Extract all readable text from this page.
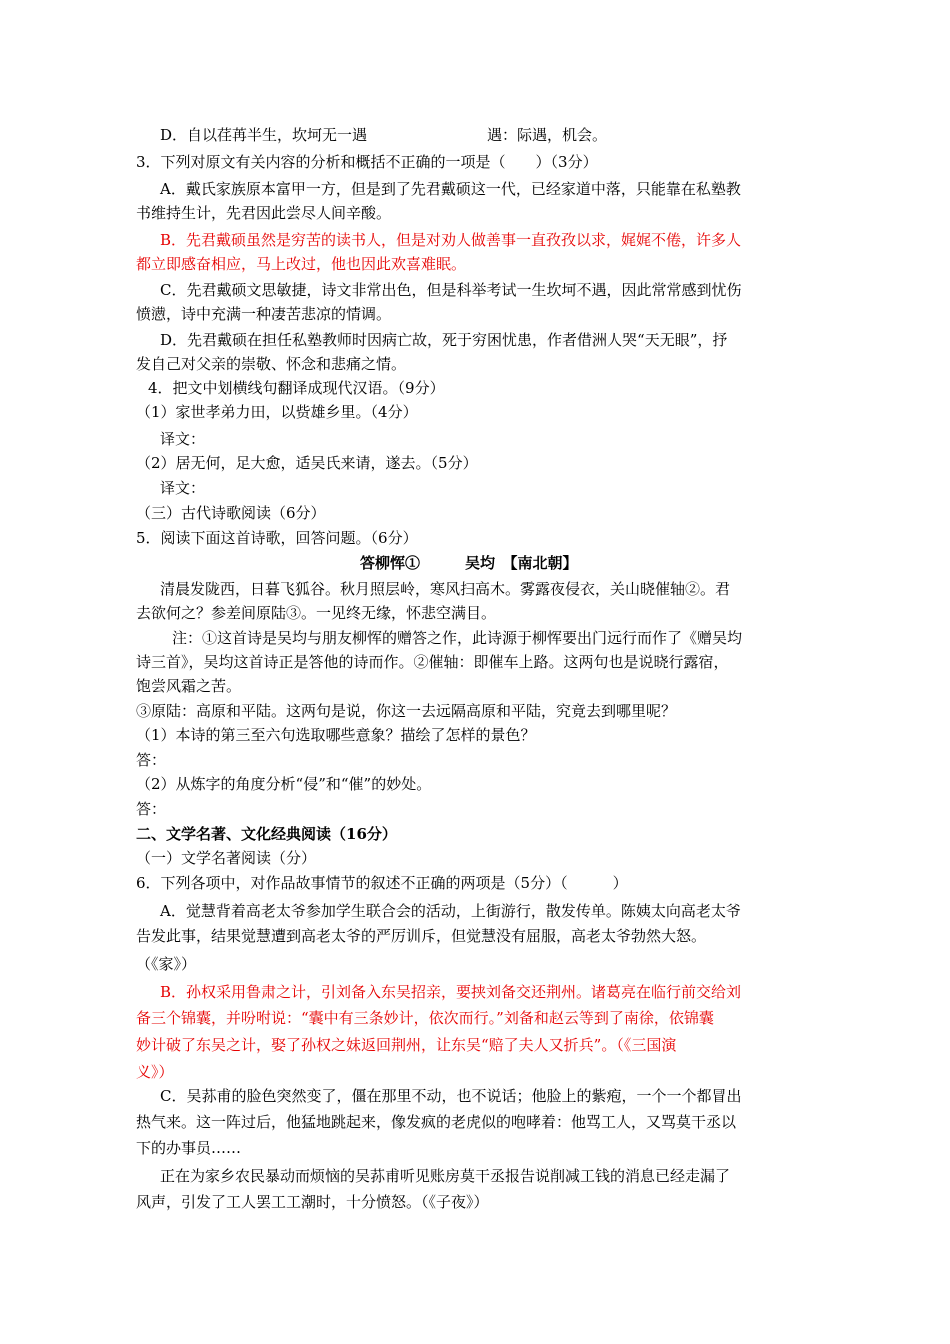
D．自以荏苒半生，坎坷无一遇　　　　　　　　遇：际遇，机会。
3．下列对原文有关内容的分析和概括不正确的一项是（　　）（3分）
A．戴氏家族原本富甲一方，但是到了先君戴硕这一代，已经家道中落，只能靠在私塾教
书维持生计，先君因此尝尽人间辛酸。
B．先君戴硕虽然是穷苦的读书人，但是对劝人做善事一直孜孜以求，娓娓不倦，许多人
都立即感奋相应，马上改过，他也因此欢喜难眠。
C．先君戴硕文思敏捷，诗文非常出色，但是科举考试一生坎坷不遇，因此常常感到忧伤
愤懑，诗中充满一种凄苦悲凉的情调。
D．先君戴硕在担任私塾教师时因病亡故，死于穷困忧患，作者借洲人哭“天无眼”，抒
发自己对父亲的崇敬、怀念和悲痛之情。
4．把文中划横线句翻译成现代汉语。（9分）
（1）家世孝弟力田，以赀雄乡里。（4分）
译文：
（2）居无何，足大愈，适吴氏来请，遂去。（5分）
译文：
（三）古代诗歌阅读（6分）
5．阅读下面这首诗歌，回答问题。（6分）
答柳恽①　　　吴均　【南北朝】
清晨发陇西，日暮飞狐谷。秋月照层岭，寒风扫高木。雾露夜侵衣，关山晓催轴②。君
去欲何之？参差间原陆③。一见终无缘，怀悲空满目。
注：①这首诗是吴均与朋友柳恽的赠答之作，此诗源于柳恽要出门远行而作了《赠吴均
诗三首》，吴均这首诗正是答他的诗而作。②催轴：即催车上路。这两句也是说晓行露宿，
饱尝风霜之苦。
③原陆：高原和平陆。这两句是说，你这一去远隔高原和平陆，究竟去到哪里呢？
（1）本诗的第三至六句选取哪些意象？描绘了怎样的景色？
答：
（2）从炼字的角度分析“侵”和“催”的妙处。
答：
二、文学名著、文化经典阅读（16分）
（一）文学名著阅读（分）
6．下列各项中，对作品故事情节的叙述不正确的两项是（5分）（　　　）
A．觉慧背着高老太爷参加学生联合会的活动，上街游行，散发传单。陈姨太向高老太爷
告发此事，结果觉慧遭到高老太爷的严厉训斥，但觉慧没有屈服，高老太爷勃然大怒。
（《家》）
B．孙权采用鲁肃之计，引刘备入东吴招亲，要挟刘备交还荆州。诸葛亮在临行前交给刘
备三个锦囊，并吩咐说：“囊中有三条妙计，依次而行。”刘备和赵云等到了南徐，依锦囊
妙计破了东吴之计，娶了孙权之妹返回荆州，让东吴“赔了夫人又折兵”。（《三国演
义》）
C．吴荪甫的脸色突然变了，僵在那里不动，也不说话；他脸上的紫疱，一个一个都冒出
热气来。这一阵过后，他猛地跳起来，像发疯的老虎似的咆哮着：他骂工人，又骂莫干丞以
下的办事员……
正在为家乡农民暴动而烦恼的吴荪甫听见账房莫干丞报告说削减工钱的消息已经走漏了
风声，引发了工人罢工工潮时，十分愤怒。（《子夜》）
